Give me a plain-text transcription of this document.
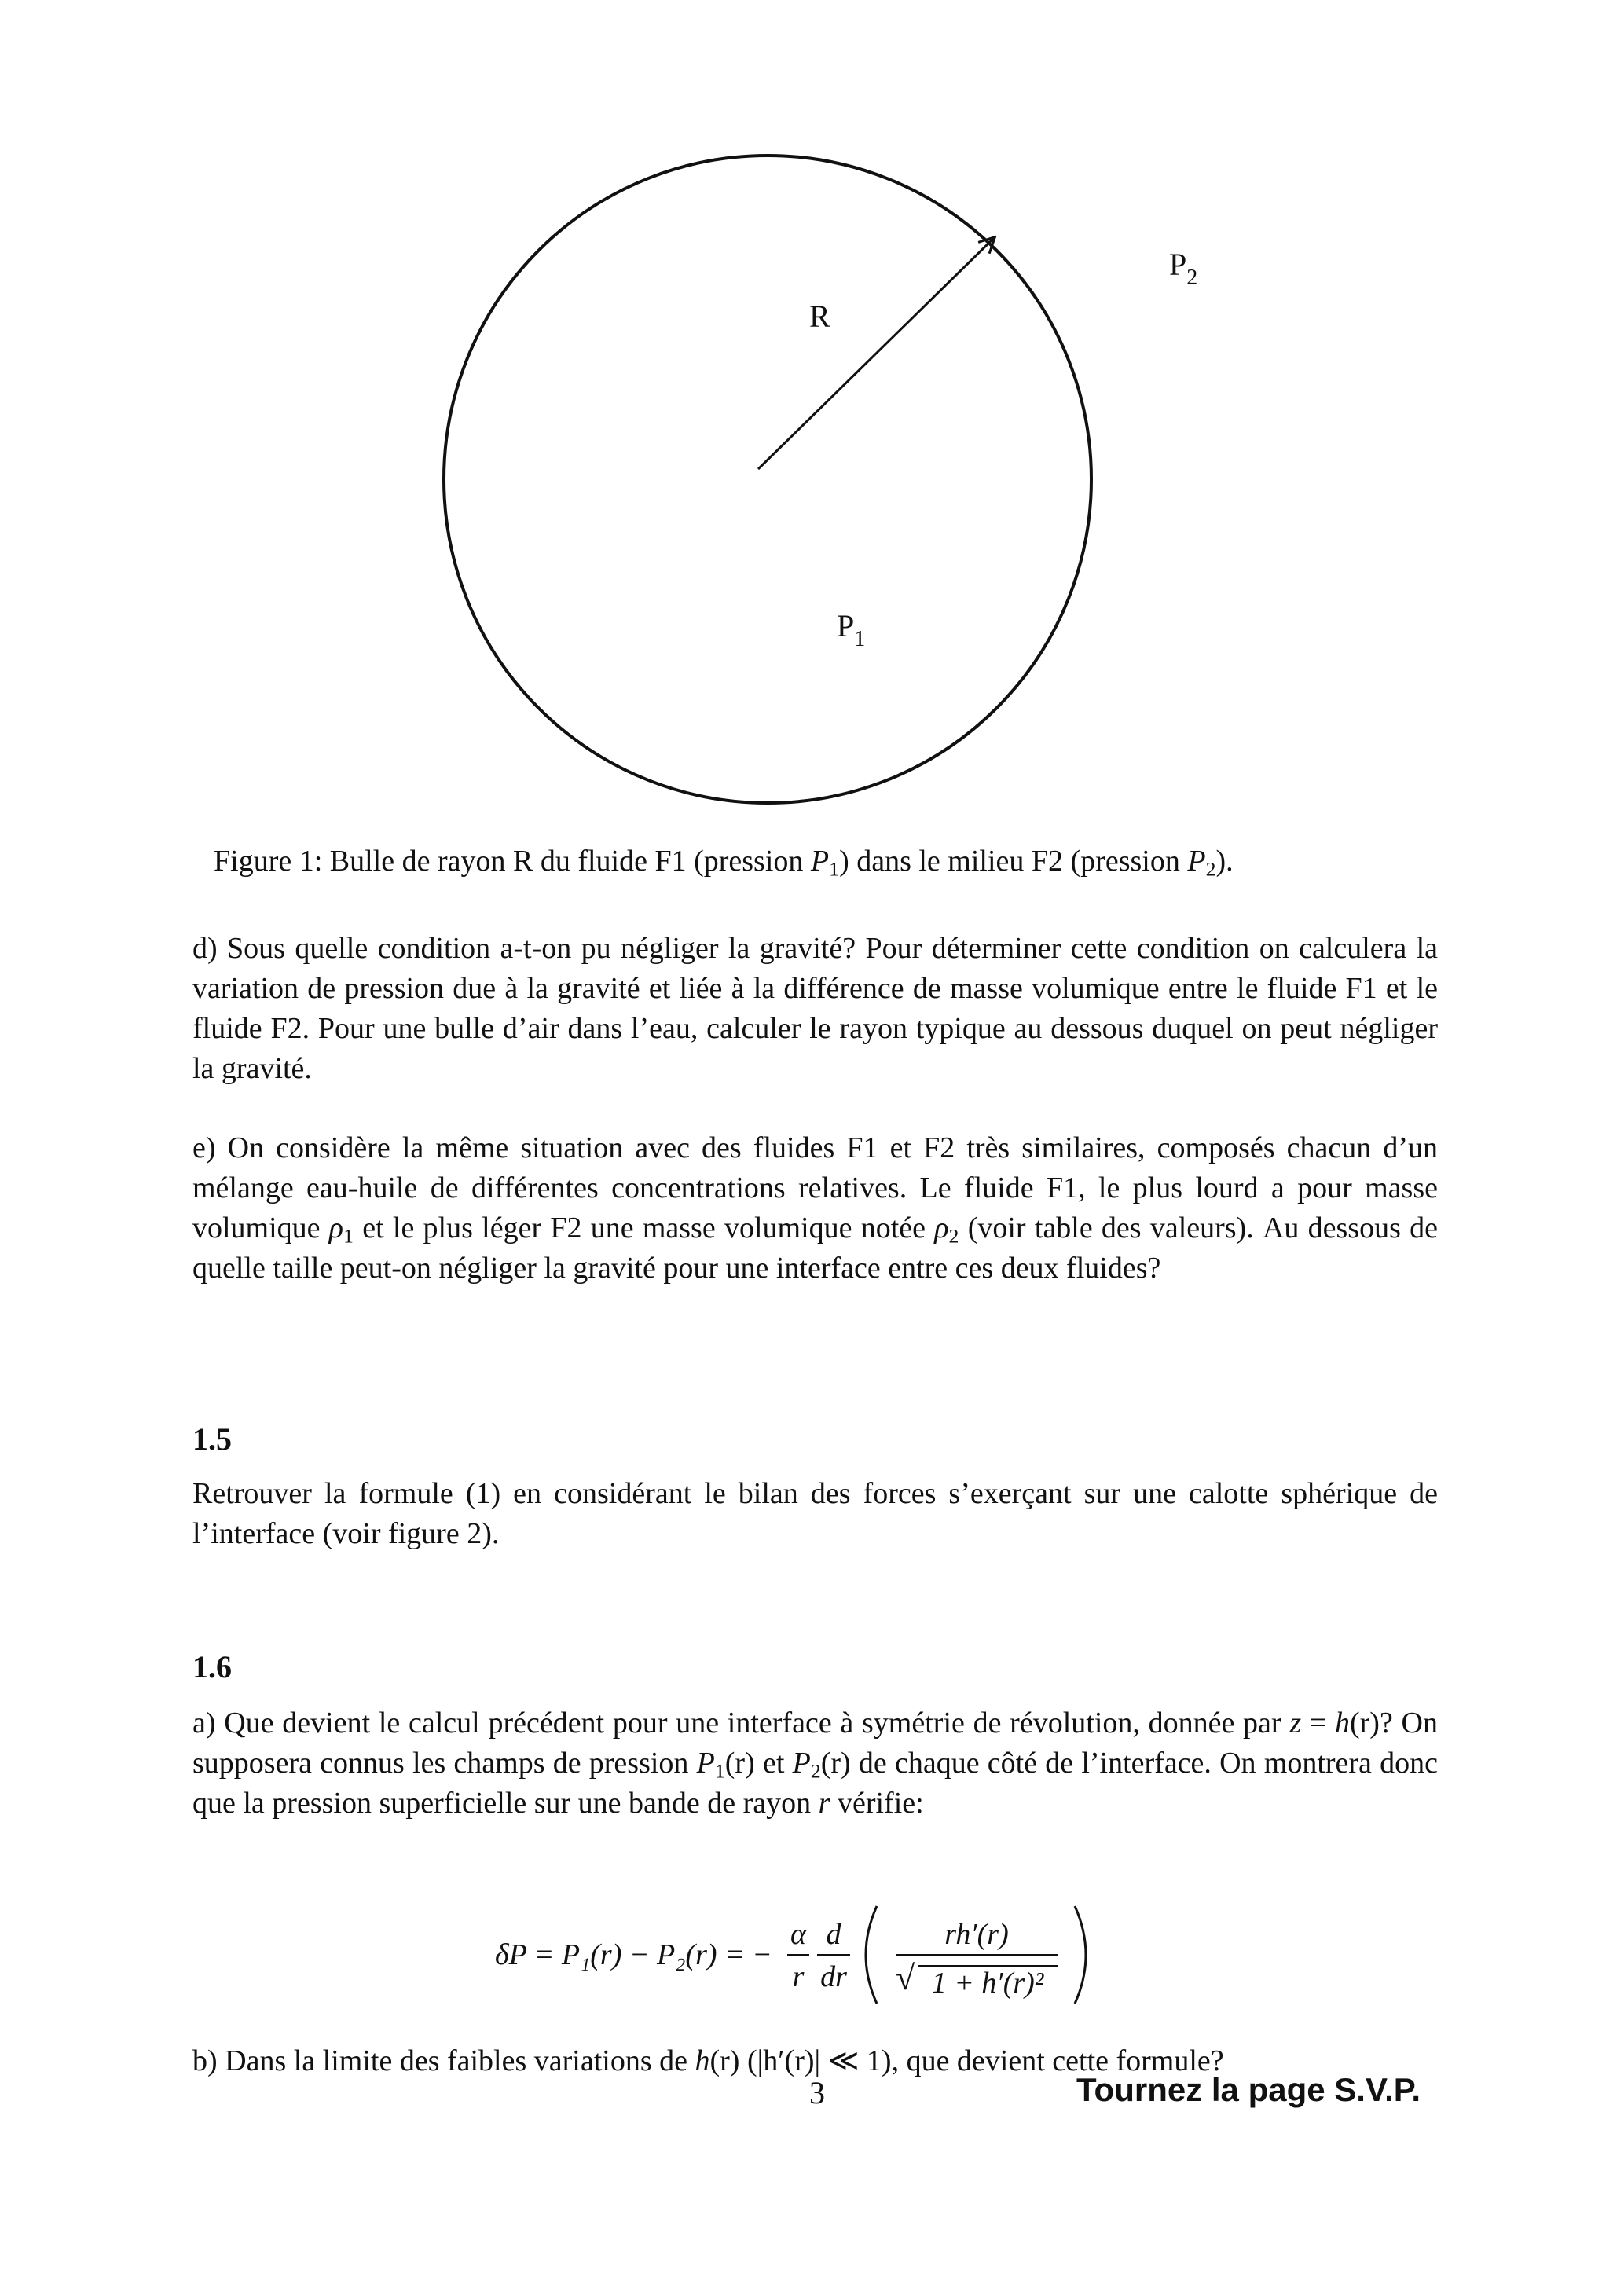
R
$P_2$
$P_1$
Figure 1: Bulle de rayon R du fluide F1 (pression $P_1$) dans le milieu F2 (pression $P_2$).
d) Sous quelle condition a-t-on pu négliger la gravité? Pour déterminer cette condition on calculera la variation de pression due à la gravité et liée à la différence de masse volumique entre le fluide F1 et le fluide F2. Pour une bulle d’air dans l’eau, calculer le rayon typique au dessous duquel on peut négliger la gravité.
e) On considère la même situation avec des fluides F1 et F2 très similaires, composés chacun d’un mélange eau-huile de différentes concentrations relatives. Le fluide F1, le plus lourd a pour masse volumique $\rho_1$ et le plus léger F2 une masse volumique notée $\rho_2$ (voir table des valeurs). Au dessous de quelle taille peut-on négliger la gravité pour une interface entre ces deux fluides?
1.5
Retrouver la formule (1) en considérant le bilan des forces s’exerçant sur une calotte sphérique de l’interface (voir figure 2).
1.6
a) Que devient le calcul précédent pour une interface à symétrie de révolution, donnée par z = h(r)? On supposera connus les champs de pression $P_1(r)$ et $P_2(r)$ de chaque côté de l’interface. On montrera donc que la pression superficielle sur une bande de rayon r vérifie:
δP = P₁(r) − P₂(r) = −
α
r
d
dr
rh′(r)
√ 1 + h′(r)²
b) Dans la limite des faibles variations de h(r) (|h′(r)| ≪ 1), que devient cette formule?
3	Tournez la page S.V.P.
